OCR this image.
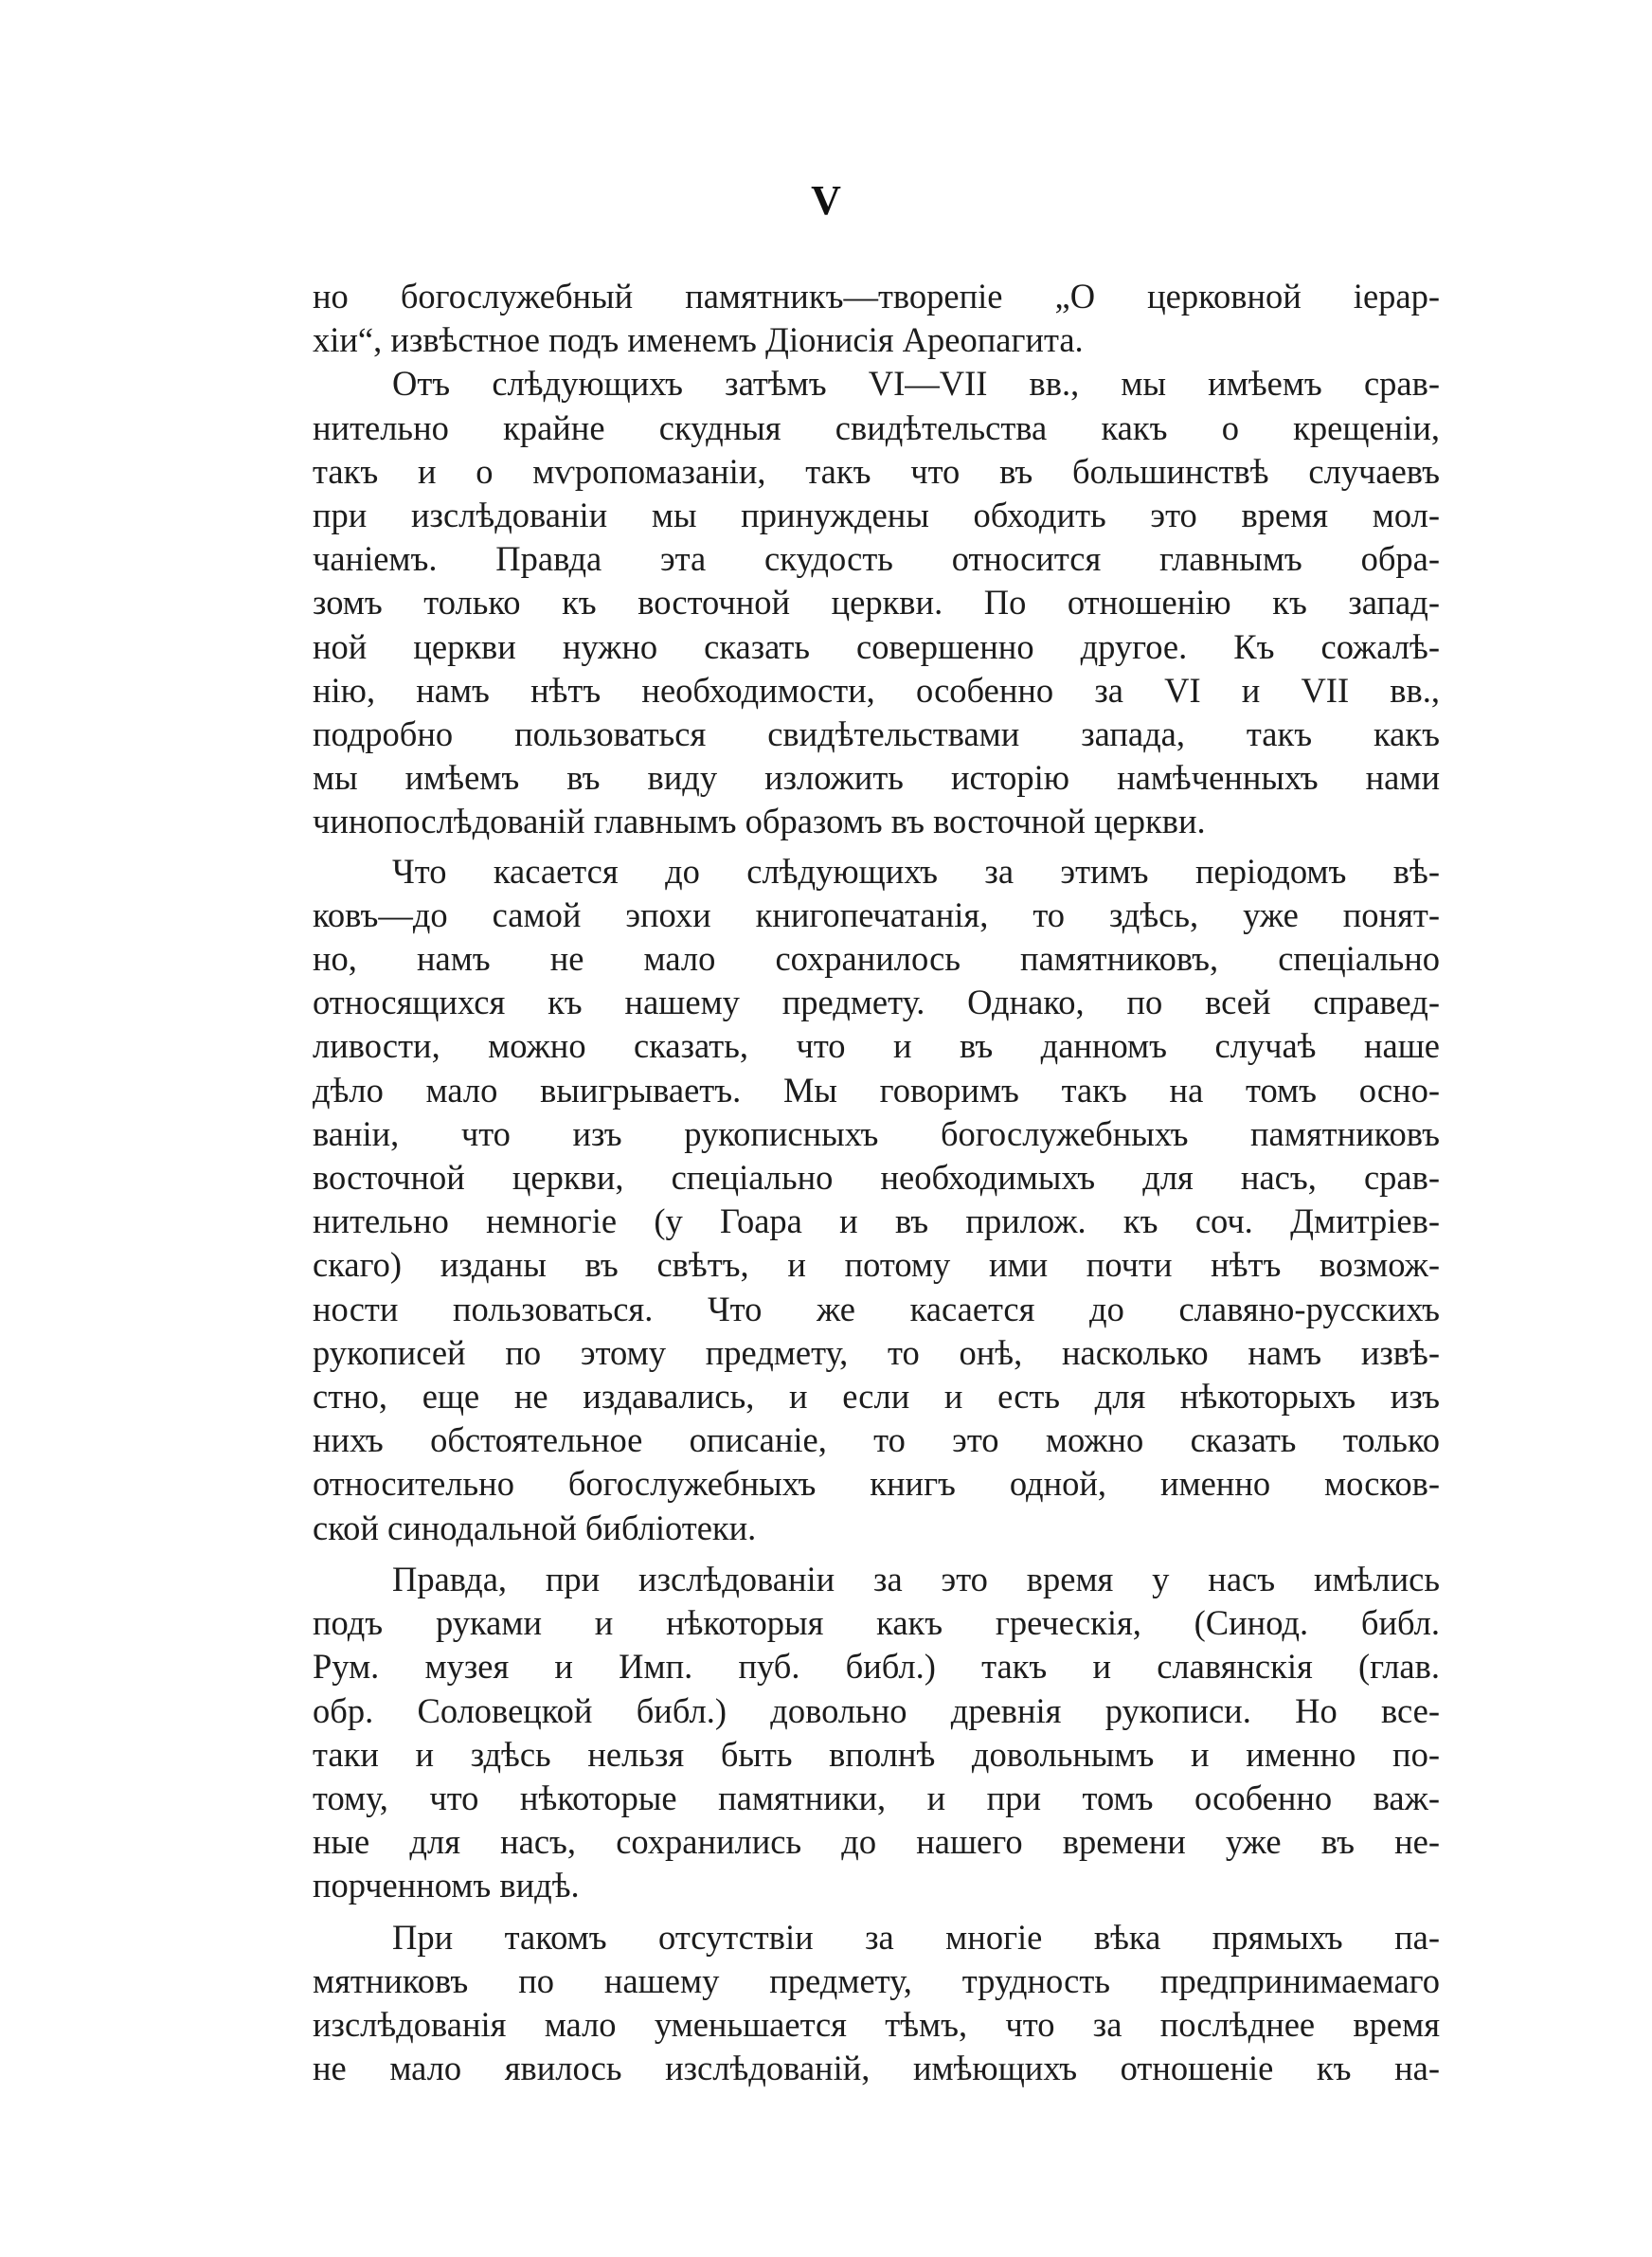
V
но богослужебный памятникъ—творепіе „О церковной іерар-
хіи“, извѣстное подъ именемъ Діонисія Ареопагита.
Отъ слѣдующихъ затѣмъ VI—VII вв., мы имѣемъ срав-
нительно крайне скудныя свидѣтельства какъ о крещеніи,
такъ и о мѵропомазаніи, такъ что въ большинствѣ случаевъ
при изслѣдованіи мы принуждены обходить это время мол-
чаніемъ. Правда эта скудость относится главнымъ обра-
зомъ только къ восточной церкви. По отношенію къ запад-
ной церкви нужно сказать совершенно другое. Къ сожалѣ-
нію, намъ нѣтъ необходимости, особенно за VI и VII вв.,
подробно пользоваться свидѣтельствами запада, такъ какъ
мы имѣемъ въ виду изложить исторію намѣченныхъ нами
чинопослѣдованій главнымъ образомъ въ восточной церкви.
Что касается до слѣдующихъ за этимъ періодомъ вѣ-
ковъ—до самой эпохи книгопечатанія, то здѣсь, уже понят-
но, намъ не мало сохранилось памятниковъ, спеціально
относящихся къ нашему предмету. Однако, по всей справед-
ливости, можно сказать, что и въ данномъ случаѣ наше
дѣло мало выигрываетъ. Мы говоримъ такъ на томъ осно-
ваніи, что изъ рукописныхъ богослужебныхъ памятниковъ
восточной церкви, спеціально необходимыхъ для насъ, срав-
нительно немногіе (у Гоара и въ прилож. къ соч. Дмитріев-
скаго) изданы въ свѣтъ, и потому ими почти нѣтъ возмож-
ности пользоваться. Что же касается до славяно-русскихъ
рукописей по этому предмету, то онѣ, насколько намъ извѣ-
стно, еще не издавались, и если и есть для нѣкоторыхъ изъ
нихъ обстоятельное описаніе, то это можно сказать только
относительно богослужебныхъ книгъ одной, именно москов-
ской синодальной библіотеки.
Правда, при изслѣдованіи за это время у насъ имѣлись
подъ руками и нѣкоторыя какъ греческія, (Синод. библ.
Рум. музея и Имп. пуб. библ.) такъ и славянскія (глав.
обр. Соловецкой библ.) довольно древнія рукописи. Но все-
таки и здѣсь нельзя быть вполнѣ довольнымъ и именно по-
тому, что нѣкоторые памятники, и при томъ особенно важ-
ные для насъ, сохранились до нашего времени уже въ не-
порченномъ видѣ.
При такомъ отсутствіи за многіе вѣка прямыхъ па-
мятниковъ по нашему предмету, трудность предпринимаемаго
изслѣдованія мало уменьшается тѣмъ, что за послѣднее время
не мало явилось изслѣдованій, имѣющихъ отношеніе къ на-
